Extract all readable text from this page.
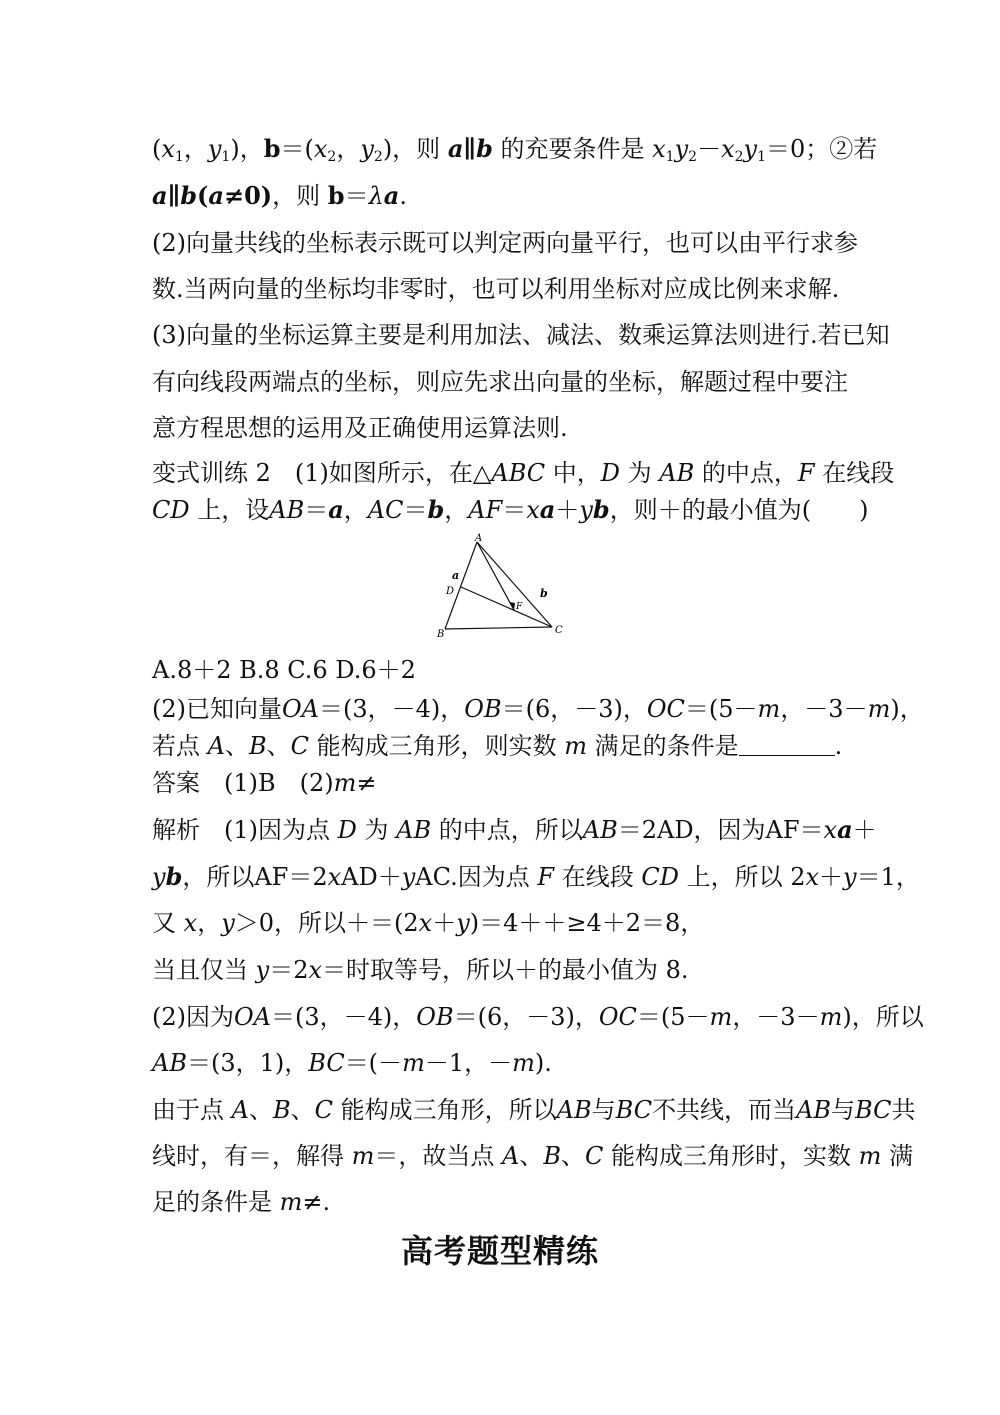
($x_1$，$y_1$)，$b=(x_2$，$y_2$)，则 a∥b 的充要条件是 $x_1y_2-x_2y_1=0$；②若

a∥b(a≠0)，则 b＝λa.

(2)向量共线的坐标表示既可以判定两向量平行，也可以由平行求参

数.当两向量的坐标均非零时，也可以利用坐标对应成比例来求解.

(3)向量的坐标运算主要是利用加法、减法、数乘运算法则进行.若已知

有向线段两端点的坐标，则应先求出向量的坐标，解题过程中要注

意方程思想的运用及正确使用运算法则.

变式训练 2　(1)如图所示，在△ABC 中，D 为 AB 的中点，F 在线段

CD 上，设AB＝a，AC＝b，AF＝xa＋yb，则＋的最小值为(　　)

A
B	C
D
F
a
b

A.8＋2 B.8 C.6 D.6＋2

(2)已知向量OA＝(3，－4)，OB＝(6，－3)，OC＝(5－m，－3－m)，

若点 A、B、C 能构成三角形，则实数 m 满足的条件是	.

答案　(1)B　(2)m≠

解析　(1)因为点 D 为 AB 的中点，所以AB＝2AD，因为AF＝xa＋

yb，所以AF＝2xAD＋yAC.因为点 F 在线段 CD 上，所以 2x＋y＝1，

又 x，y＞0，所以＋＝(2x＋y)＝4＋＋≥4＋2＝8，

当且仅当 y＝2x＝时取等号，所以＋的最小值为 8.

(2)因为OA＝(3，－4)，OB＝(6，－3)，OC＝(5－m，－3－m)，所以

AB＝(3，1)，BC＝(－m－1，－m).

由于点 A、B、C 能构成三角形，所以AB与BC不共线，而当AB与BC共

线时，有＝，解得 m＝，故当点 A、B、C 能构成三角形时，实数 m 满

足的条件是 m≠.

高考题型精练
